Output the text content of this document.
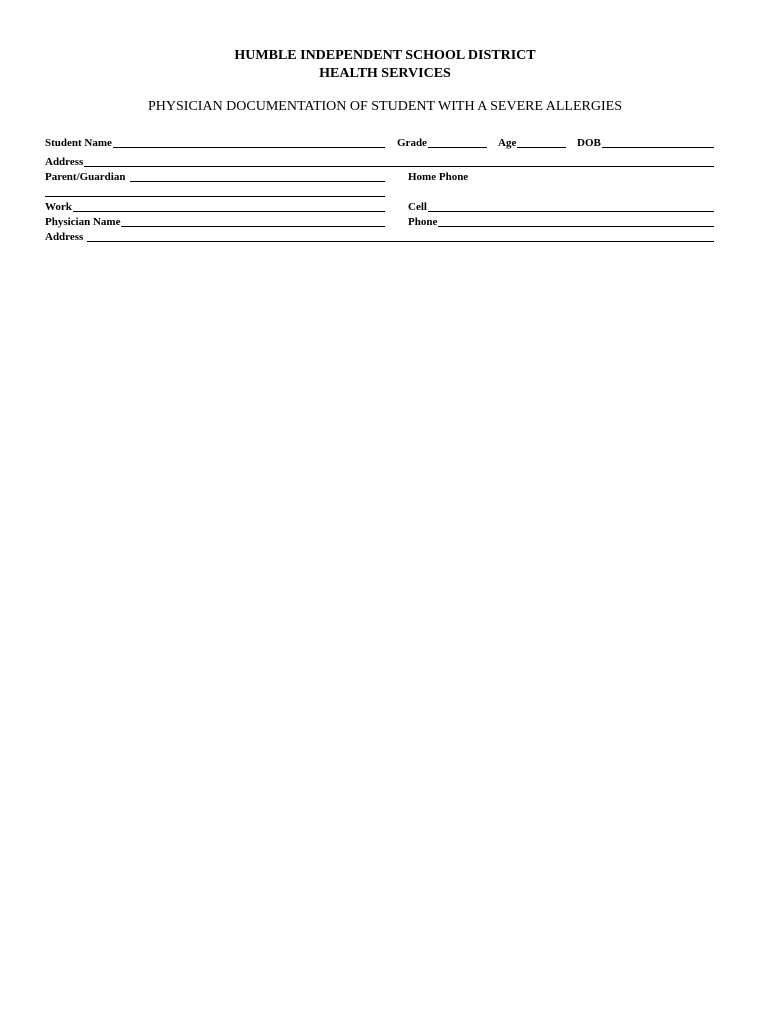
HUMBLE INDEPENDENT SCHOOL DISTRICT
HEALTH SERVICES
PHYSICIAN DOCUMENTATION OF STUDENT WITH A SEVERE ALLERGIES
Student Name	Grade	Age	DOB
Address
Parent/Guardian	Home Phone
Work	Cell
Physician Name	Phone
Address
